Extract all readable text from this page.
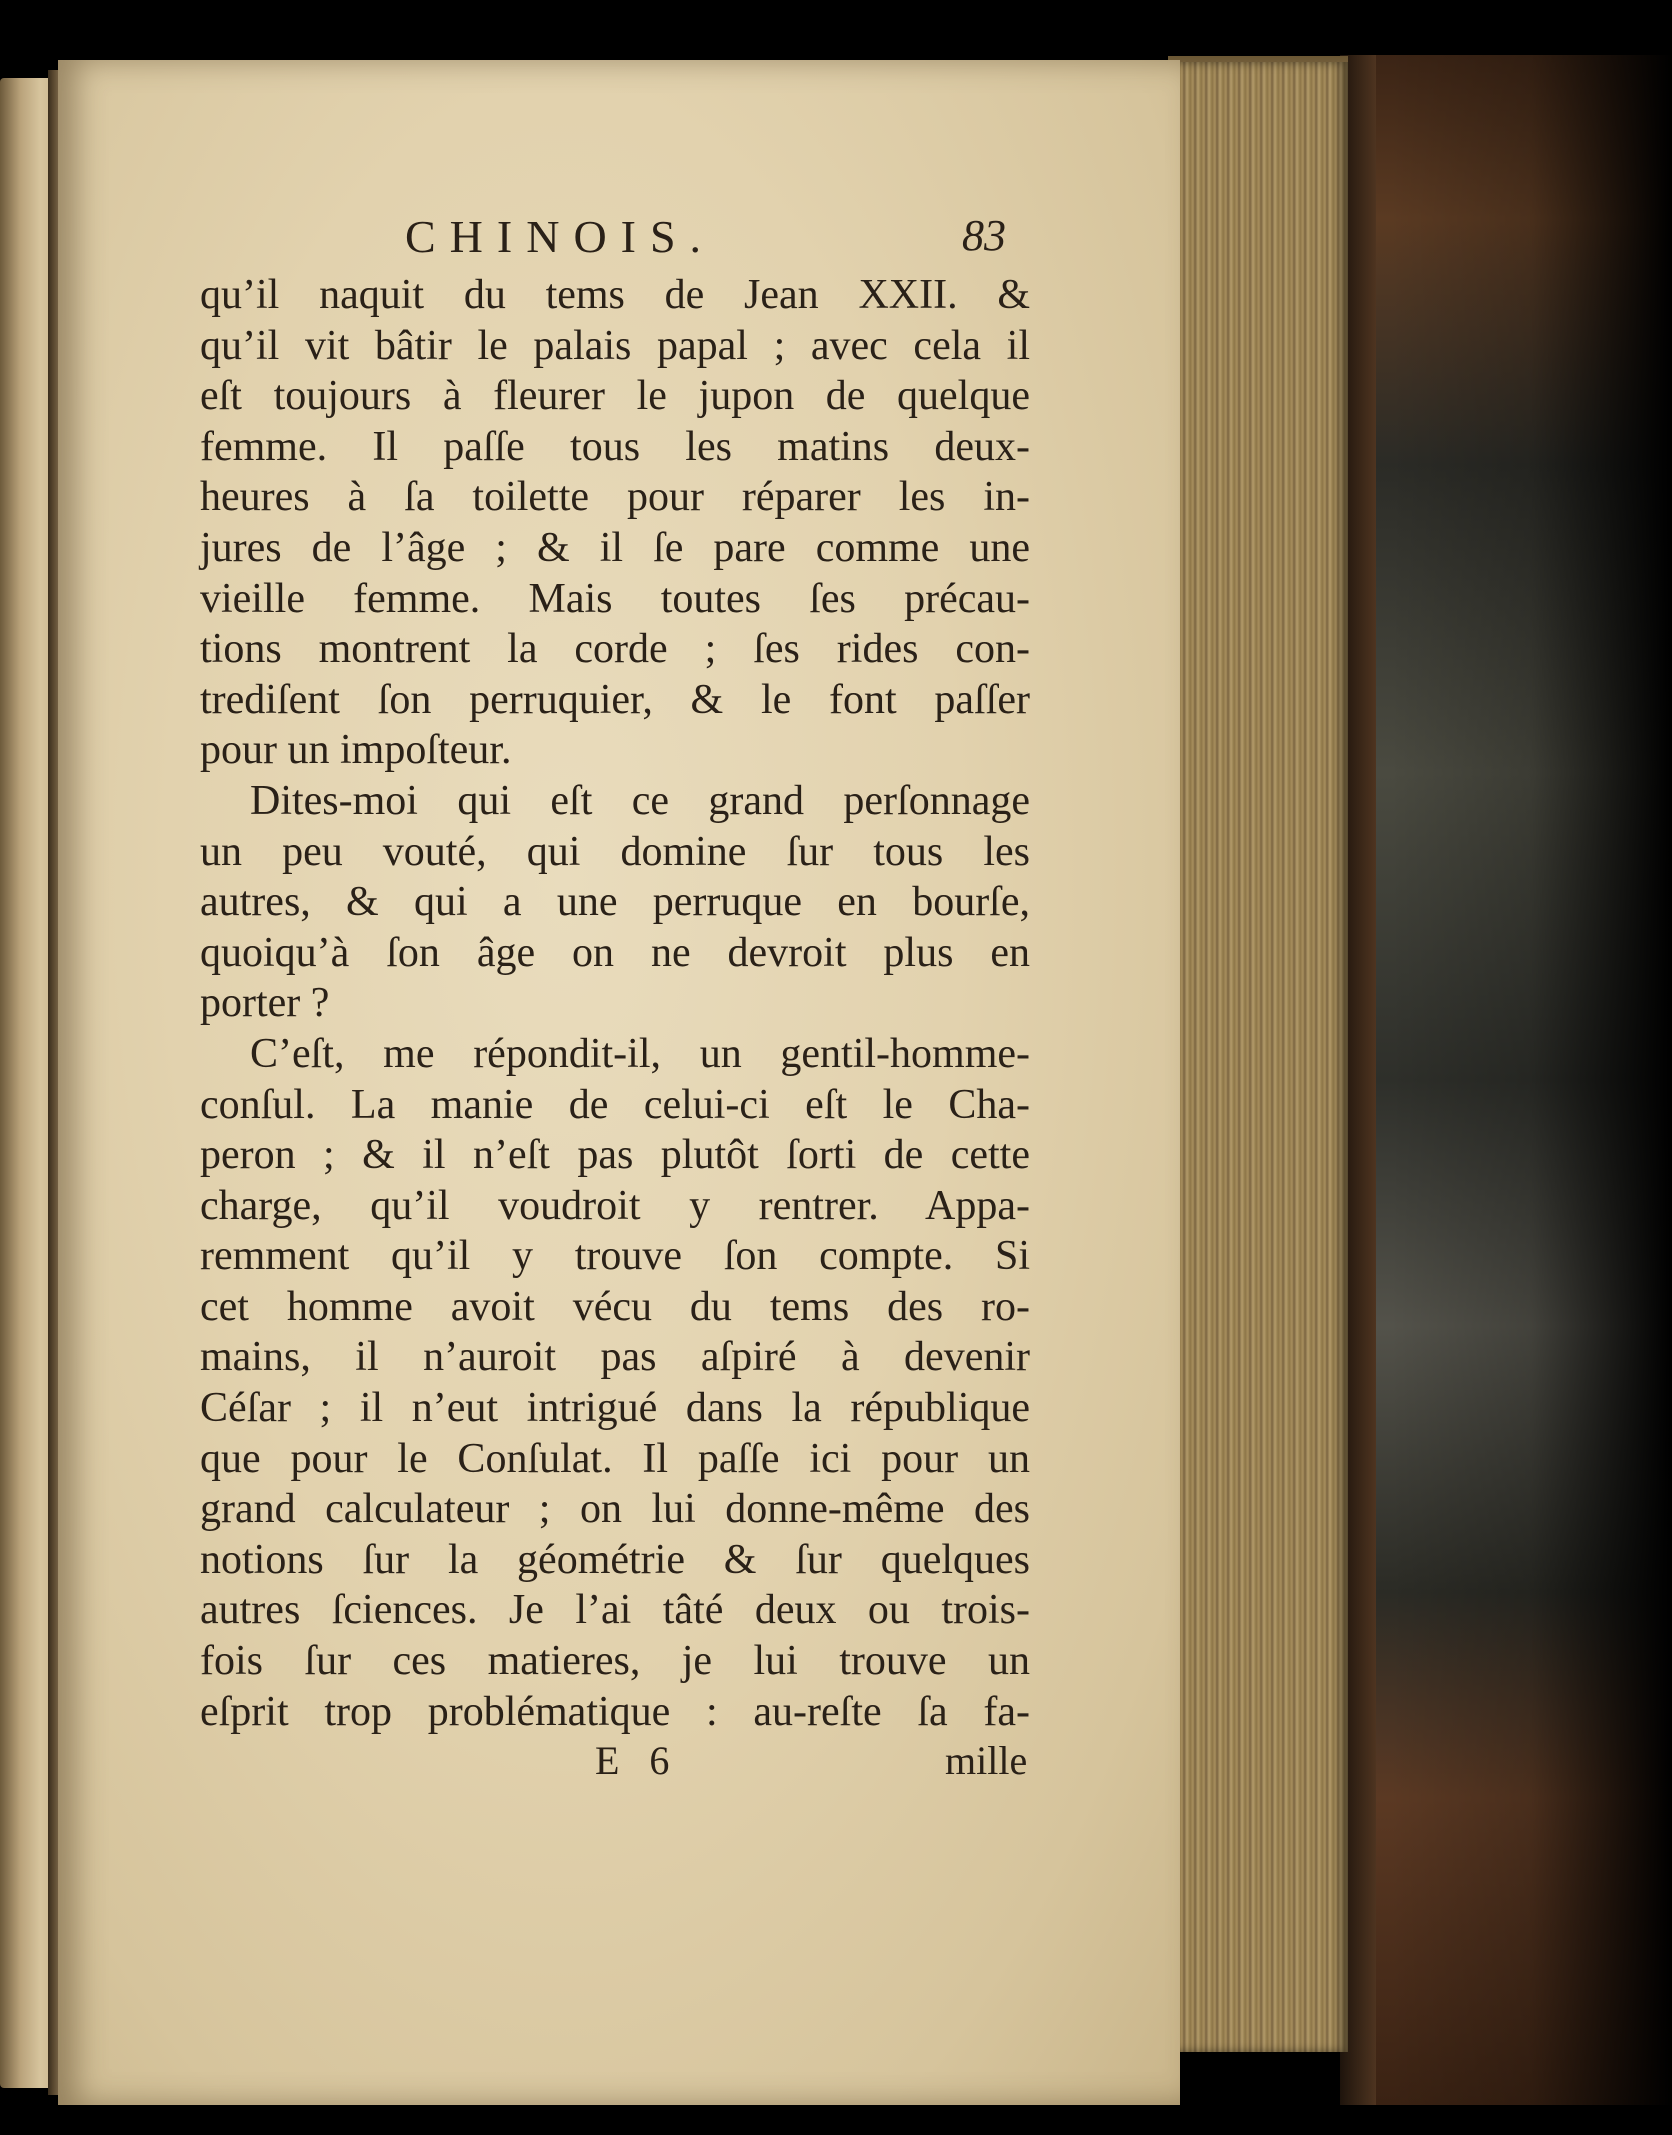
CHINOIS.	83
qu’il naquit du tems de Jean XXII. &
qu’il vit bâtir le palais papal ; avec cela il
eſt toujours à fleurer le jupon de quelque
femme. Il paſſe tous les matins deux-
heures à ſa toilette pour réparer les in-
jures de l’âge ; & il ſe pare comme une
vieille femme. Mais toutes ſes précau-
tions montrent la corde ; ſes rides con-
trediſent ſon perruquier, & le font paſſer
pour un impoſteur.
Dites-moi qui eſt ce grand perſonnage
un peu vouté, qui domine ſur tous les
autres, & qui a une perruque en bourſe,
quoiqu’à ſon âge on ne devroit plus en
porter ?
C’eſt, me répondit-il, un gentil-homme-
conſul. La manie de celui-ci eſt le Cha-
peron ; & il n’eſt pas plutôt ſorti de cette
charge, qu’il voudroit y rentrer. Appa-
remment qu’il y trouve ſon compte. Si
cet homme avoit vécu du tems des ro-
mains, il n’auroit pas aſpiré à devenir
Céſar ; il n’eut intrigué dans la république
que pour le Conſulat. Il paſſe ici pour un
grand calculateur ; on lui donne-même des
notions ſur la géométrie & ſur quelques
autres ſciences. Je l’ai tâté deux ou trois-
fois ſur ces matieres, je lui trouve un
eſprit trop problématique : au-reſte ſa fa-
E 6	mille
